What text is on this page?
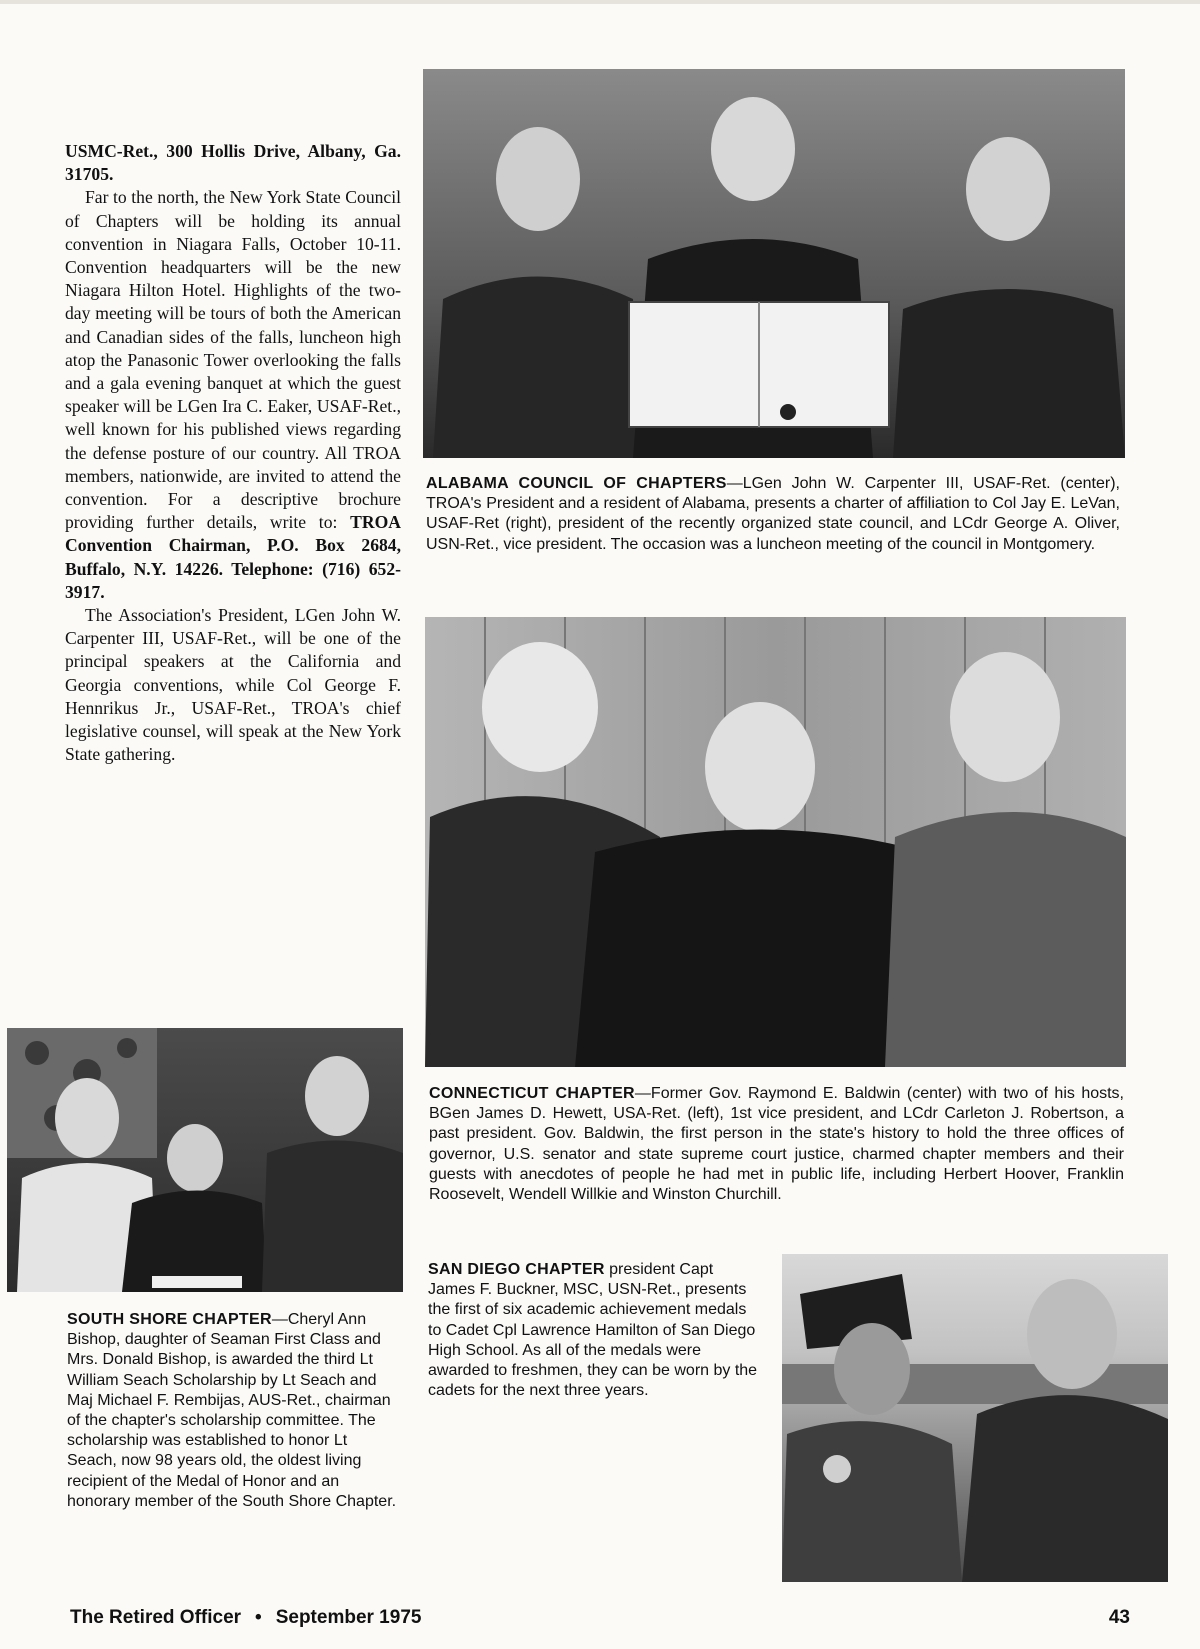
USMC-Ret., 300 Hollis Drive, Albany, Ga. 31705.

Far to the north, the New York State Council of Chapters will be holding its annual convention in Niagara Falls, October 10-11. Convention headquarters will be the new Niagara Hilton Hotel. Highlights of the two-day meeting will be tours of both the American and Canadian sides of the falls, luncheon high atop the Panasonic Tower overlooking the falls and a gala evening banquet at which the guest speaker will be LGen Ira C. Eaker, USAF-Ret., well known for his published views regarding the defense posture of our country. All TROA members, nationwide, are invited to attend the convention. For a descriptive brochure providing further details, write to: TROA Convention Chairman, P.O. Box 2684, Buffalo, N.Y. 14226. Telephone: (716) 652-3917.

The Association's President, LGen John W. Carpenter III, USAF-Ret., will be one of the principal speakers at the California and Georgia conventions, while Col George F. Hennrikus Jr., USAF-Ret., TROA's chief legislative counsel, will speak at the New York State gathering.

ALABAMA COUNCIL OF CHAPTERS—LGen John W. Carpenter III, USAF-Ret. (center), TROA's President and a resident of Alabama, presents a charter of affiliation to Col Jay E. LeVan, USAF-Ret (right), president of the recently organized state council, and LCdr George A. Oliver, USN-Ret., vice president. The occasion was a luncheon meeting of the council in Montgomery.
CONNECTICUT CHAPTER—Former Gov. Raymond E. Baldwin (center) with two of his hosts, BGen James D. Hewett, USA-Ret. (left), 1st vice president, and LCdr Carleton J. Robertson, a past president. Gov. Baldwin, the first person in the state's history to hold the three offices of governor, U.S. senator and state supreme court justice, charmed chapter members and their guests with anecdotes of people he had met in public life, including Herbert Hoover, Franklin Roosevelt, Wendell Willkie and Winston Churchill.
SOUTH SHORE CHAPTER—Cheryl Ann Bishop, daughter of Seaman First Class and Mrs. Donald Bishop, is awarded the third Lt William Seach Scholarship by Lt Seach and Maj Michael F. Rembijas, AUS-Ret., chairman of the chapter's scholarship committee. The scholarship was established to honor Lt Seach, now 98 years old, the oldest living recipient of the Medal of Honor and an honorary member of the South Shore Chapter.
SAN DIEGO CHAPTER president Capt James F. Buckner, MSC, USN-Ret., presents the first of six academic achievement medals to Cadet Cpl Lawrence Hamilton of San Diego High School. As all of the medals were awarded to freshmen, they can be worn by the cadets for the next three years.
The Retired Officer • September 1975	43
